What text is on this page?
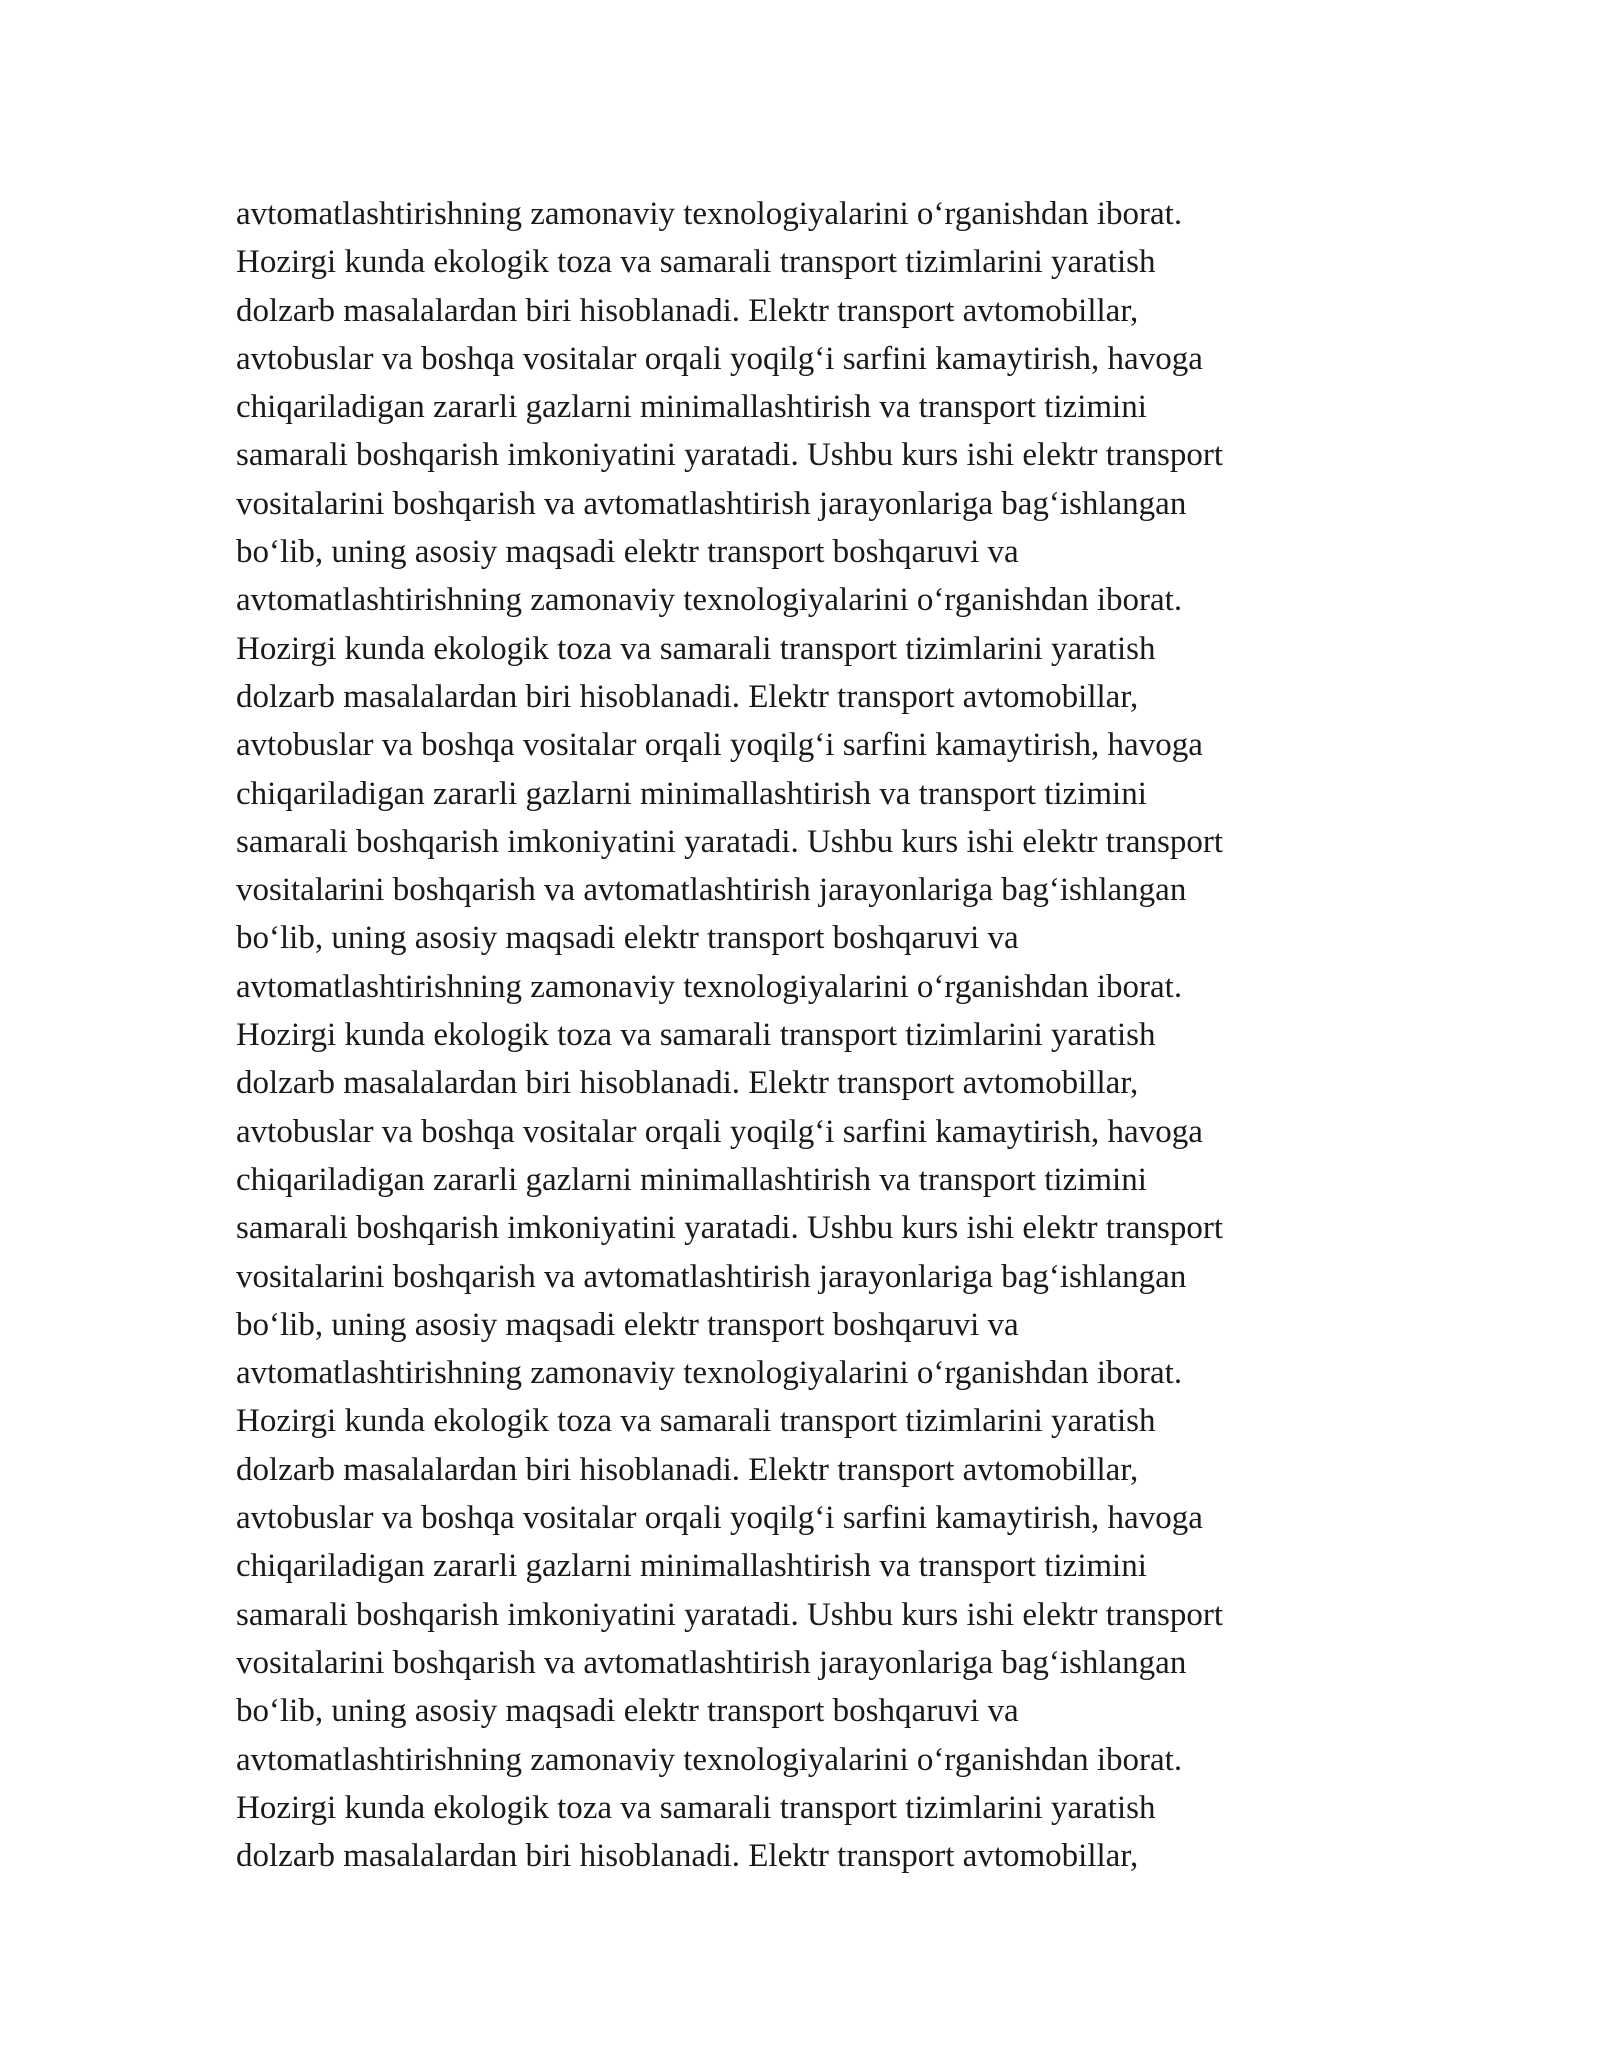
avtomatlashtirishning zamonaviy texnologiyalarini o‘rganishdan iborat.
Hozirgi kunda ekologik toza va samarali transport tizimlarini yaratish
dolzarb masalalardan biri hisoblanadi. Elektr transport avtomobillar,
avtobuslar va boshqa vositalar orqali yoqilg‘i sarfini kamaytirish, havoga
chiqariladigan zararli gazlarni minimallashtirish va transport tizimini
samarali boshqarish imkoniyatini yaratadi. Ushbu kurs ishi elektr transport
vositalarini boshqarish va avtomatlashtirish jarayonlariga bag‘ishlangan
bo‘lib, uning asosiy maqsadi elektr transport boshqaruvi va
avtomatlashtirishning zamonaviy texnologiyalarini o‘rganishdan iborat.
Hozirgi kunda ekologik toza va samarali transport tizimlarini yaratish
dolzarb masalalardan biri hisoblanadi. Elektr transport avtomobillar,
avtobuslar va boshqa vositalar orqali yoqilg‘i sarfini kamaytirish, havoga
chiqariladigan zararli gazlarni minimallashtirish va transport tizimini
samarali boshqarish imkoniyatini yaratadi. Ushbu kurs ishi elektr transport
vositalarini boshqarish va avtomatlashtirish jarayonlariga bag‘ishlangan
bo‘lib, uning asosiy maqsadi elektr transport boshqaruvi va
avtomatlashtirishning zamonaviy texnologiyalarini o‘rganishdan iborat.
Hozirgi kunda ekologik toza va samarali transport tizimlarini yaratish
dolzarb masalalardan biri hisoblanadi. Elektr transport avtomobillar,
avtobuslar va boshqa vositalar orqali yoqilg‘i sarfini kamaytirish, havoga
chiqariladigan zararli gazlarni minimallashtirish va transport tizimini
samarali boshqarish imkoniyatini yaratadi. Ushbu kurs ishi elektr transport
vositalarini boshqarish va avtomatlashtirish jarayonlariga bag‘ishlangan
bo‘lib, uning asosiy maqsadi elektr transport boshqaruvi va
avtomatlashtirishning zamonaviy texnologiyalarini o‘rganishdan iborat.
Hozirgi kunda ekologik toza va samarali transport tizimlarini yaratish
dolzarb masalalardan biri hisoblanadi. Elektr transport avtomobillar,
avtobuslar va boshqa vositalar orqali yoqilg‘i sarfini kamaytirish, havoga
chiqariladigan zararli gazlarni minimallashtirish va transport tizimini
samarali boshqarish imkoniyatini yaratadi. Ushbu kurs ishi elektr transport
vositalarini boshqarish va avtomatlashtirish jarayonlariga bag‘ishlangan
bo‘lib, uning asosiy maqsadi elektr transport boshqaruvi va
avtomatlashtirishning zamonaviy texnologiyalarini o‘rganishdan iborat.
Hozirgi kunda ekologik toza va samarali transport tizimlarini yaratish
dolzarb masalalardan biri hisoblanadi. Elektr transport avtomobillar,
